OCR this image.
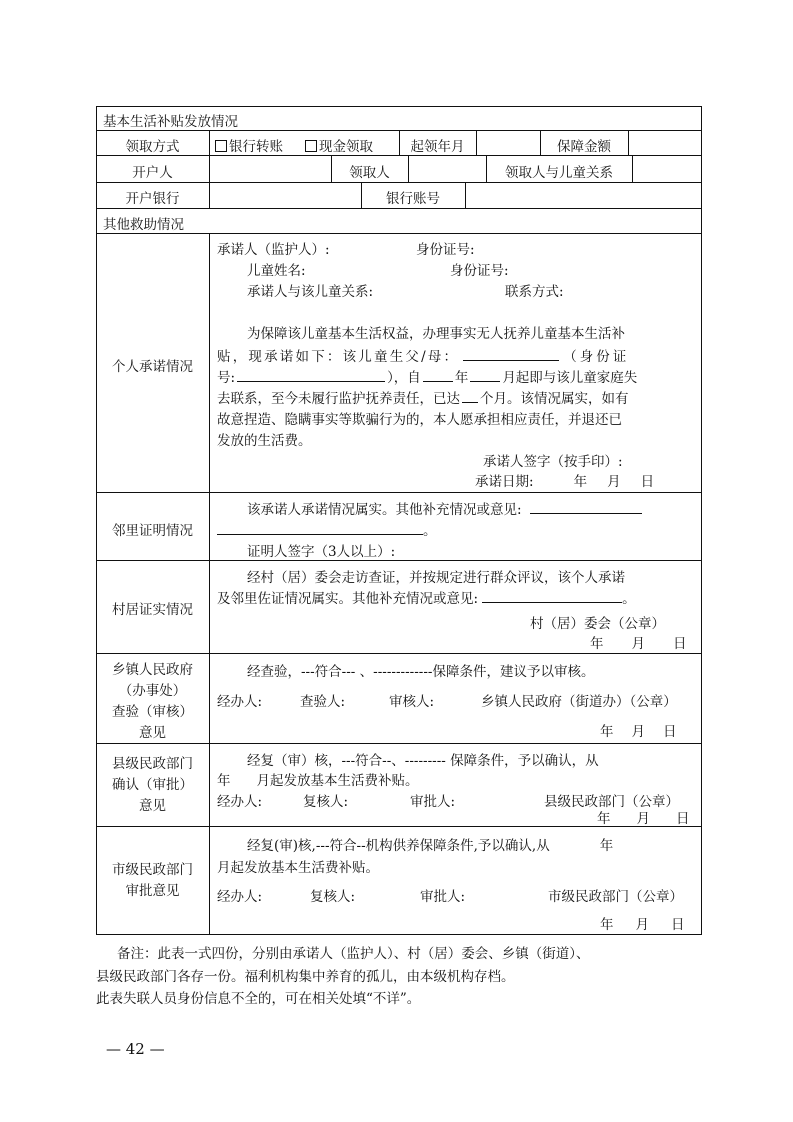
基本生活补贴发放情况
领取方式	银行转账	现金领取	起领年月	保障金额
开户人	领取人	领取人与儿童关系
开户银行	银行账号
其他救助情况
个人承诺情况
承诺人（监护人）:	身份证号:
儿童姓名:	身份证号:
承诺人与该儿童关系:	联系方式:
为保障该儿童基本生活权益，办理事实无人抚养儿童基本生活补
贴，现承诺如下：该儿童生父/母：	（身份证
号:	），自	年	月起即与该儿童家庭失
去联系，至今未履行监护抚养责任，已达 个月。该情况属实，如有
故意捏造、隐瞒事实等欺骗行为的，本人愿承担相应责任，并退还已
发放的生活费。
承诺人签字（按手印）:
承诺日期:	年 月 日
邻里证明情况
该承诺人承诺情况属实。其他补充情况或意见:
。
证明人签字（3人以上）:
村居证实情况
经村（居）委会走访查证，并按规定进行群众评议，该个人承诺
及邻里佐证情况属实。其他补充情况或意见:	。
村（居）委会（公章）
年 月 日
乡镇人民政府
（办事处）
查验（审核）
意见
经查验，---符合--- 、-------------保障条件，建议予以审核。
经办人:	查验人:	审核人:	乡镇人民政府（街道办）（公章）
年 月 日
县级民政部门
确认（审批）
意见
经复（审）核，---符合--、--------- 保障条件，予以确认，从
年 月起发放基本生活费补贴。
经办人:	复核人:	审批人:	县级民政部门（公章）
年 月 日
市级民政部门
审批意见
经复(审)核,---符合--机构供养保障条件,予以确认,从	年
月起发放基本生活费补贴。
经办人:	复核人:	审批人:	市级民政部门（公章）
年 月 日
备注：此表一式四份，分别由承诺人（监护人）、村（居）委会、乡镇（街道）、
县级民政部门各存一份。福利机构集中养育的孤儿，由本级机构存档。
此表失联人员身份信息不全的，可在相关处填“不详”。
— 42 —
